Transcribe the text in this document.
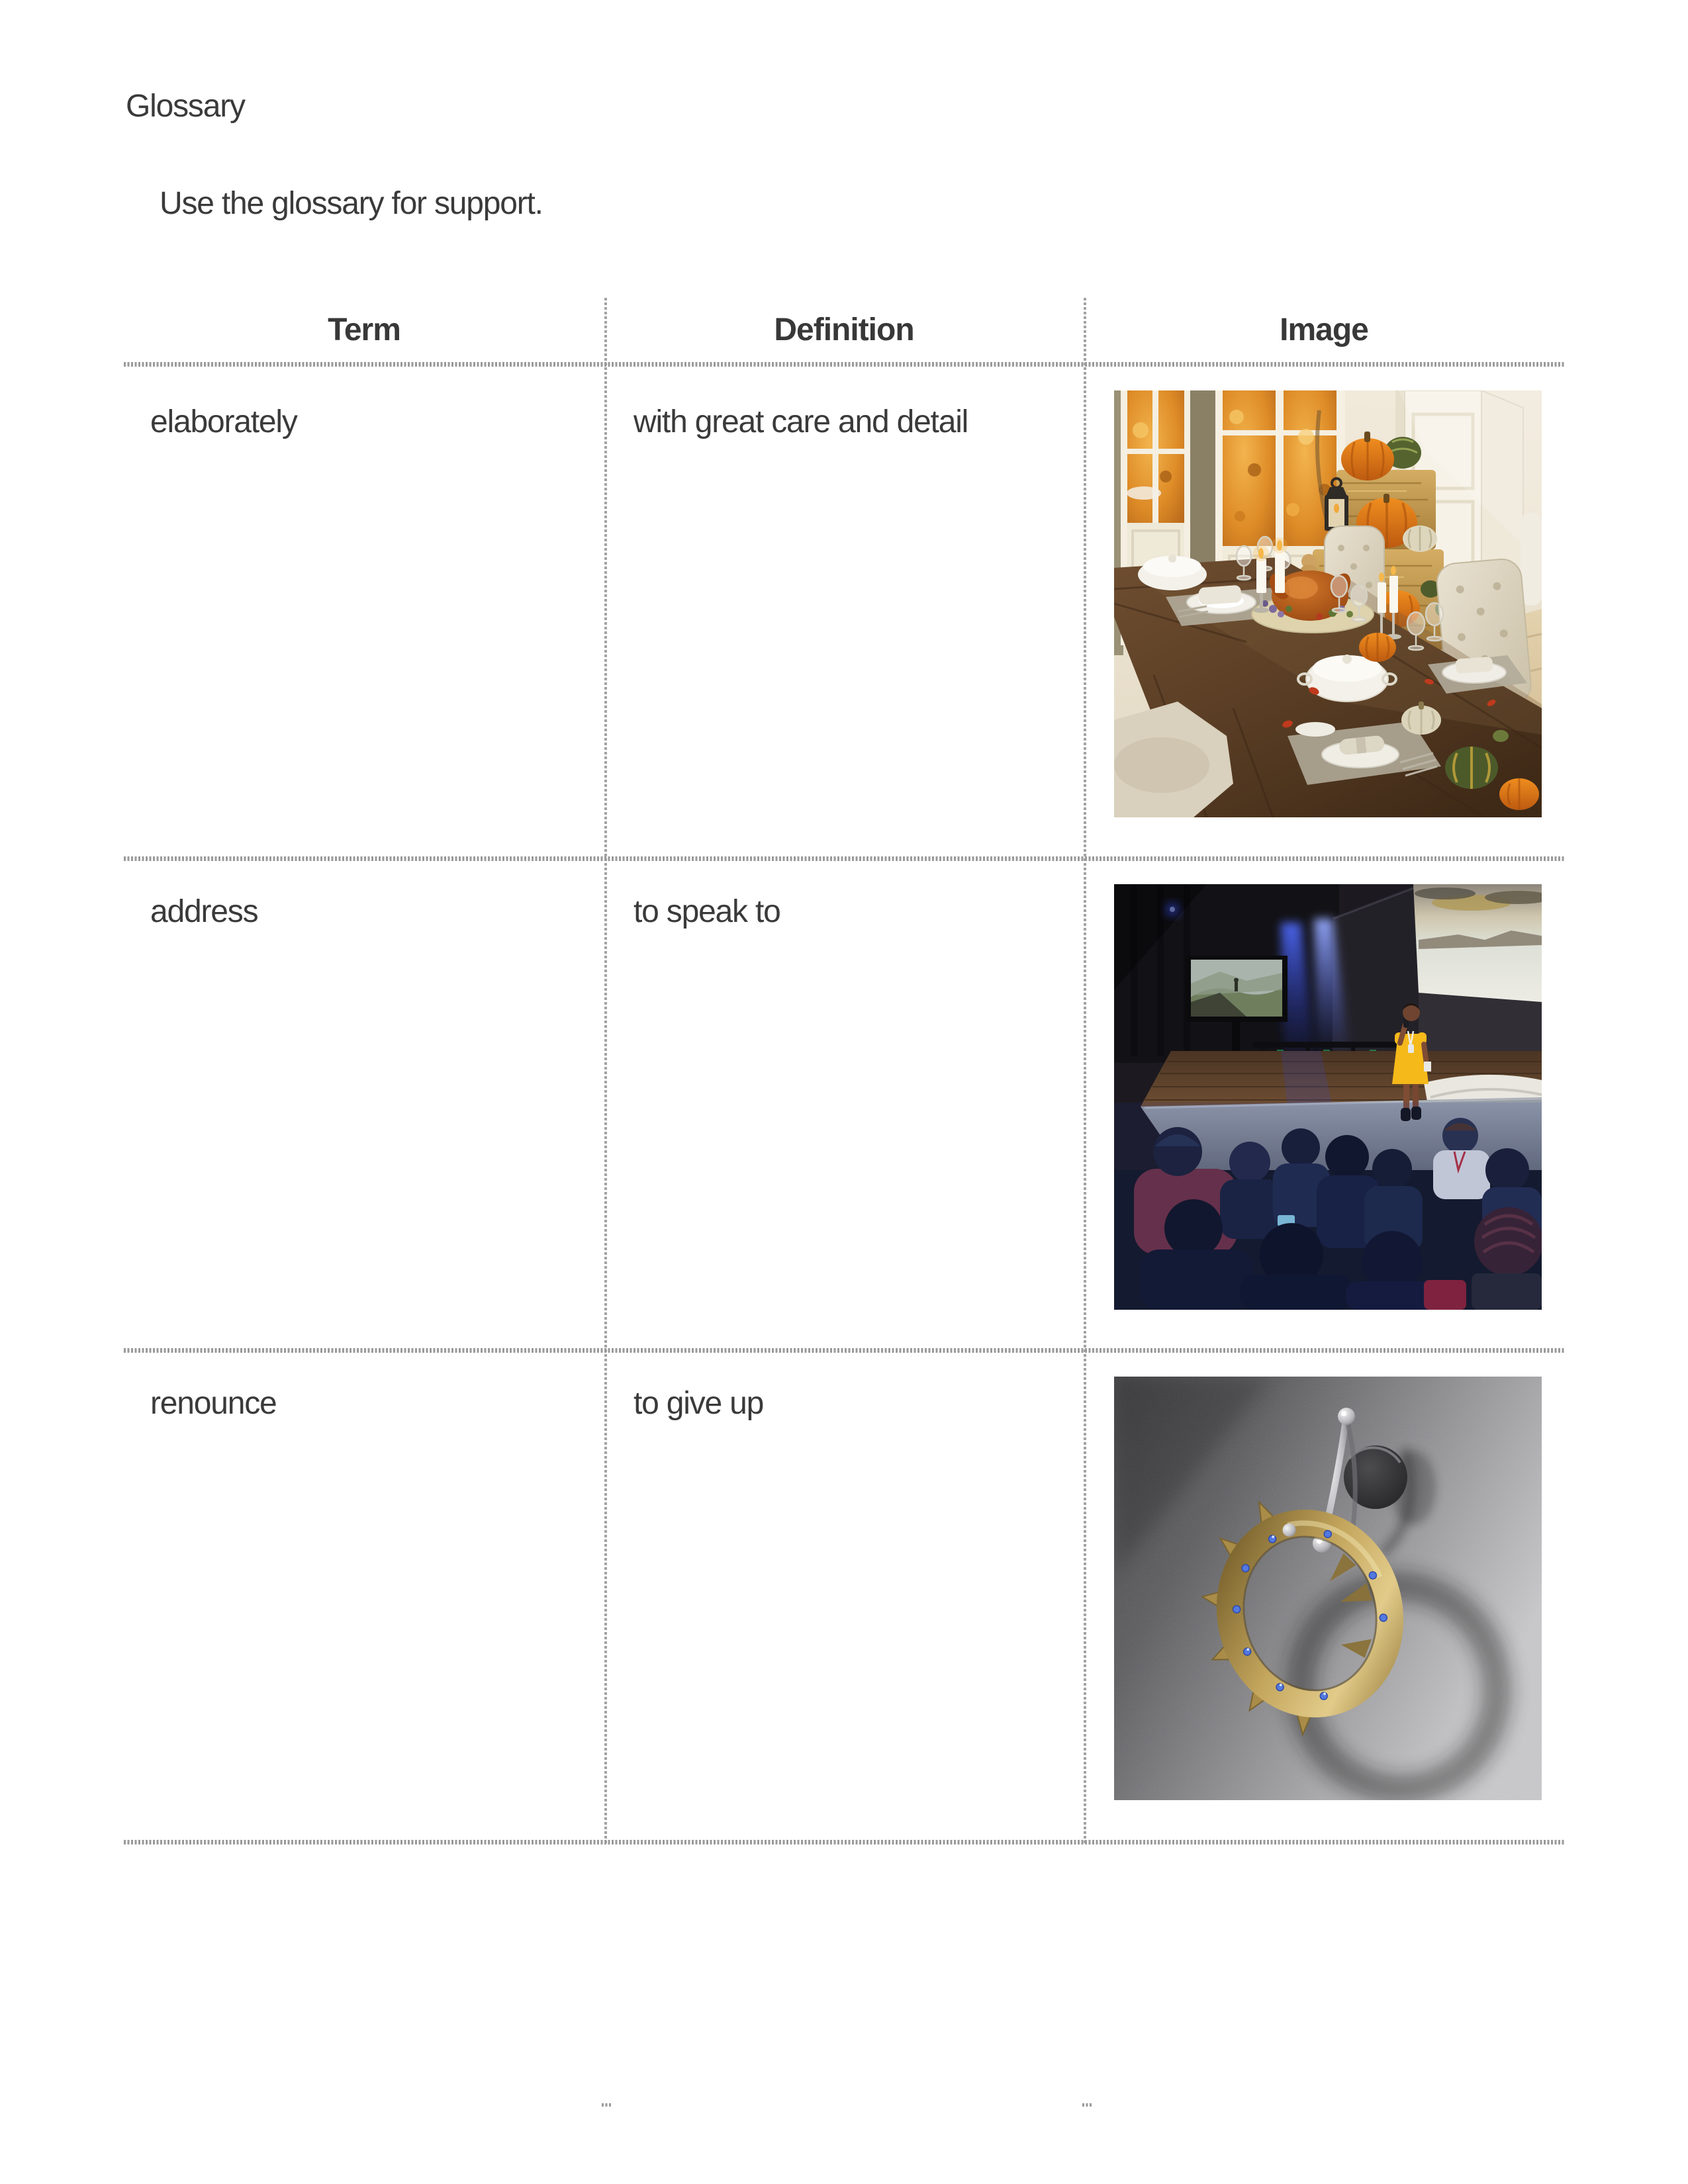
Glossary
Use the glossary for support.
Term	Definition	Image
elaborately	with great care and detail
address	to speak to
renounce	to give up
